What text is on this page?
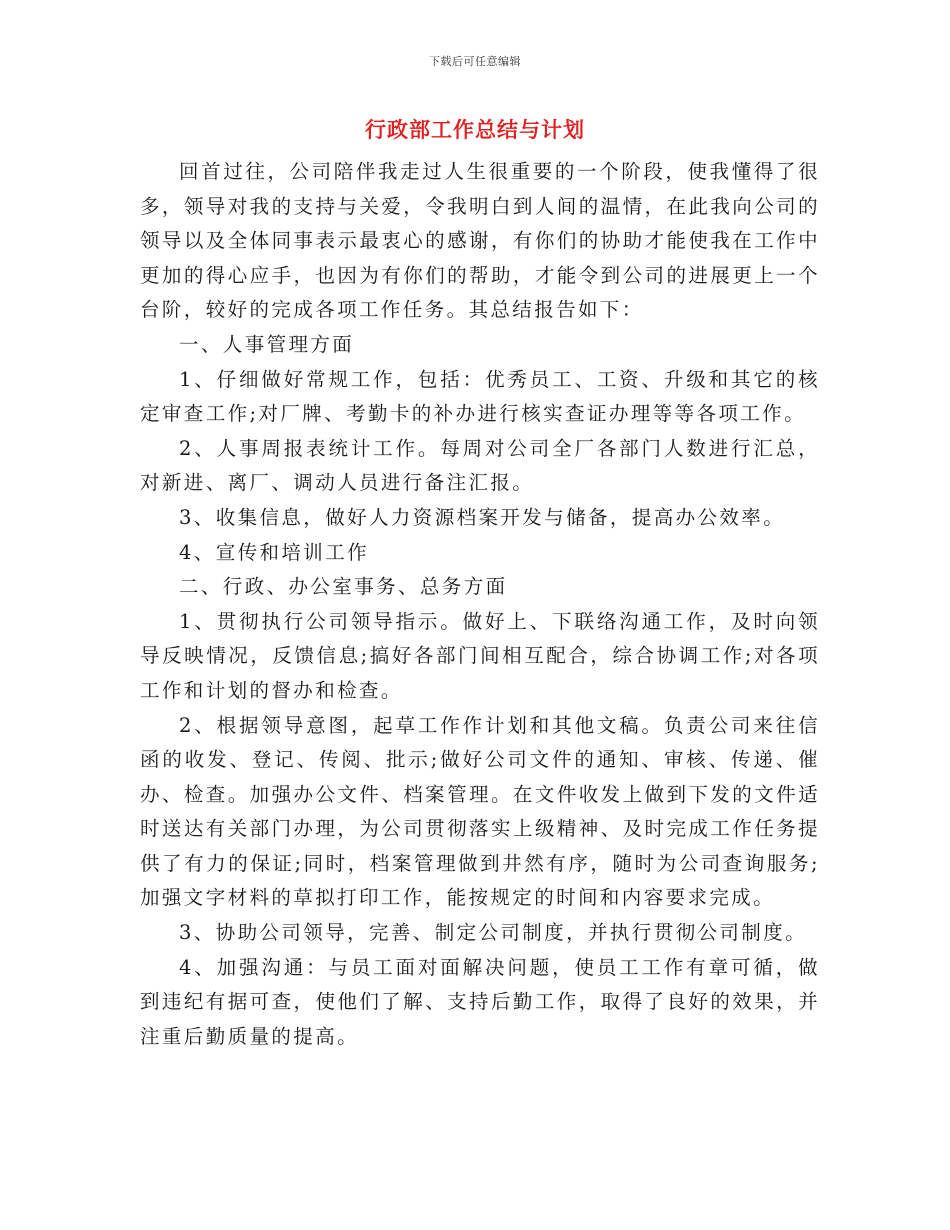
下载后可任意编辑
行政部工作总结与计划

回首过往，公司陪伴我走过人生很重要的一个阶段，使我懂得了很多，领导对我的支持与关爱，令我明白到人间的温情，在此我向公司的领导以及全体同事表示最衷心的感谢，有你们的协助才能使我在工作中更加的得心应手，也因为有你们的帮助，才能令到公司的进展更上一个台阶，较好的完成各项工作任务。其总结报告如下：

一、人事管理方面

1、仔细做好常规工作，包括：优秀员工、工资、升级和其它的核定审查工作;对厂牌、考勤卡的补办进行核实查证办理等等各项工作。

2、人事周报表统计工作。每周对公司全厂各部门人数进行汇总，对新进、离厂、调动人员进行备注汇报。

3、收集信息，做好人力资源档案开发与储备，提高办公效率。

4、宣传和培训工作

二、行政、办公室事务、总务方面

1、贯彻执行公司领导指示。做好上、下联络沟通工作，及时向领导反映情况，反馈信息;搞好各部门间相互配合，综合协调工作;对各项工作和计划的督办和检查。

2、根据领导意图，起草工作作计划和其他文稿。负责公司来往信函的收发、登记、传阅、批示;做好公司文件的通知、审核、传递、催办、检查。加强办公文件、档案管理。在文件收发上做到下发的文件适时送达有关部门办理，为公司贯彻落实上级精神、及时完成工作任务提供了有力的保证;同时，档案管理做到井然有序，随时为公司查询服务;加强文字材料的草拟打印工作，能按规定的时间和内容要求完成。

3、协助公司领导，完善、制定公司制度，并执行贯彻公司制度。

4、加强沟通：与员工面对面解决问题，使员工工作有章可循，做到违纪有据可查，使他们了解、支持后勤工作，取得了良好的效果，并注重后勤质量的提高。
